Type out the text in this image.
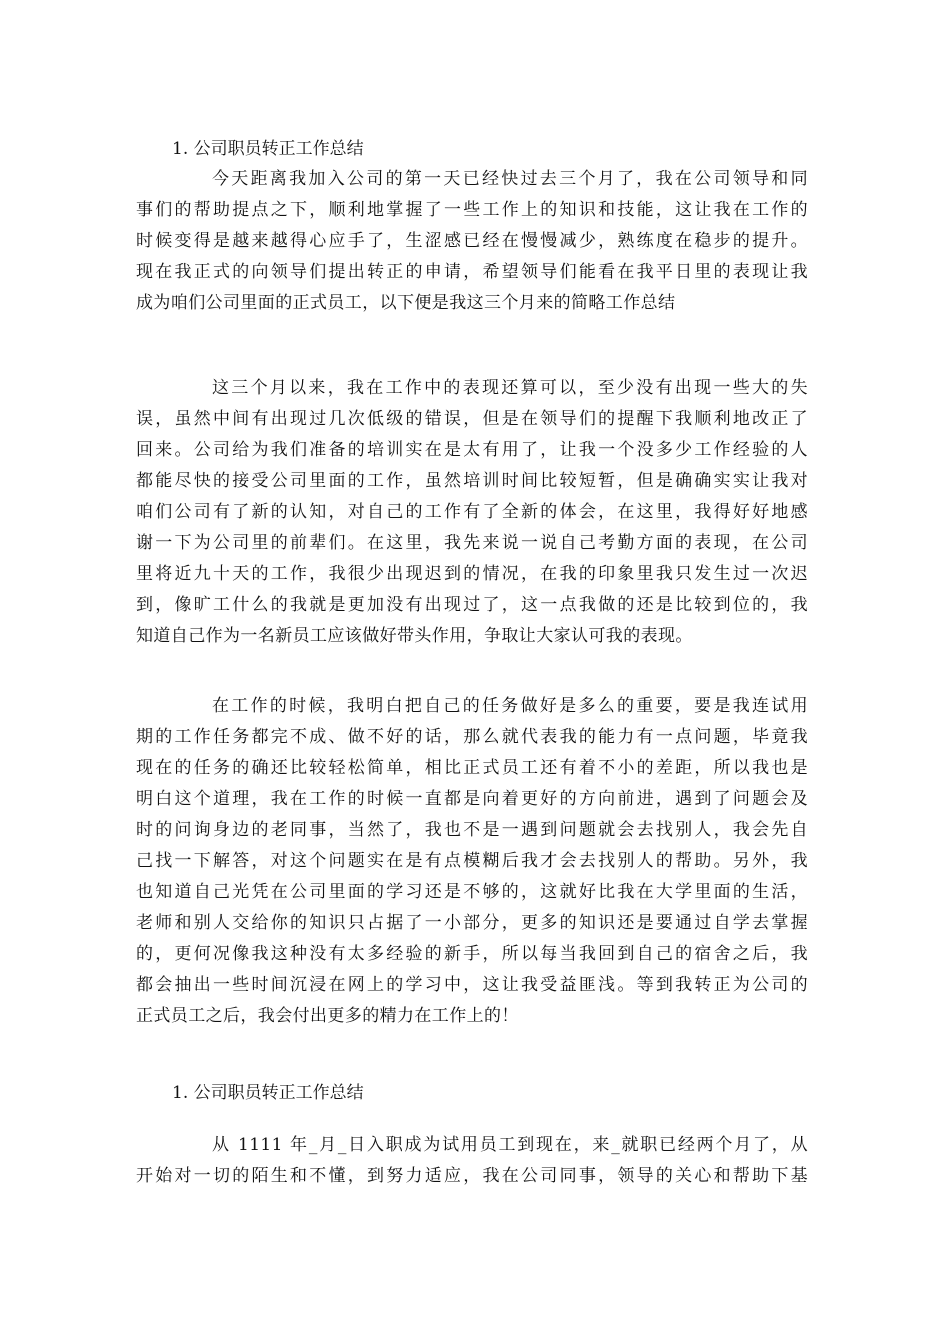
1. 公司职员转正工作总结
今天距离我加入公司的第一天已经快过去三个月了，我在公司领导和同
事们的帮助提点之下，顺利地掌握了一些工作上的知识和技能，这让我在工作的
时候变得是越来越得心应手了，生涩感已经在慢慢减少，熟练度在稳步的提升。
现在我正式的向领导们提出转正的申请，希望领导们能看在我平日里的表现让我
成为咱们公司里面的正式员工，以下便是我这三个月来的简略工作总结
这三个月以来，我在工作中的表现还算可以，至少没有出现一些大的失
误，虽然中间有出现过几次低级的错误，但是在领导们的提醒下我顺利地改正了
回来。公司给为我们准备的培训实在是太有用了，让我一个没多少工作经验的人
都能尽快的接受公司里面的工作，虽然培训时间比较短暂，但是确确实实让我对
咱们公司有了新的认知，对自己的工作有了全新的体会，在这里，我得好好地感
谢一下为公司里的前辈们。在这里，我先来说一说自己考勤方面的表现，在公司
里将近九十天的工作，我很少出现迟到的情况，在我的印象里我只发生过一次迟
到，像旷工什么的我就是更加没有出现过了，这一点我做的还是比较到位的，我
知道自己作为一名新员工应该做好带头作用，争取让大家认可我的表现。
在工作的时候，我明白把自己的任务做好是多么的重要，要是我连试用
期的工作任务都完不成、做不好的话，那么就代表我的能力有一点问题，毕竟我
现在的任务的确还比较轻松简单，相比正式员工还有着不小的差距，所以我也是
明白这个道理，我在工作的时候一直都是向着更好的方向前进，遇到了问题会及
时的问询身边的老同事，当然了，我也不是一遇到问题就会去找别人，我会先自
己找一下解答，对这个问题实在是有点模糊后我才会去找别人的帮助。另外，我
也知道自己光凭在公司里面的学习还是不够的，这就好比我在大学里面的生活，
老师和别人交给你的知识只占据了一小部分，更多的知识还是要通过自学去掌握
的，更何况像我这种没有太多经验的新手，所以每当我回到自己的宿舍之后，我
都会抽出一些时间沉浸在网上的学习中，这让我受益匪浅。等到我转正为公司的
正式员工之后，我会付出更多的精力在工作上的！
1. 公司职员转正工作总结
从 1111 年_月_日入职成为试用员工到现在，来_就职已经两个月了，从
开始对一切的陌生和不懂，到努力适应，我在公司同事，领导的关心和帮助下基
